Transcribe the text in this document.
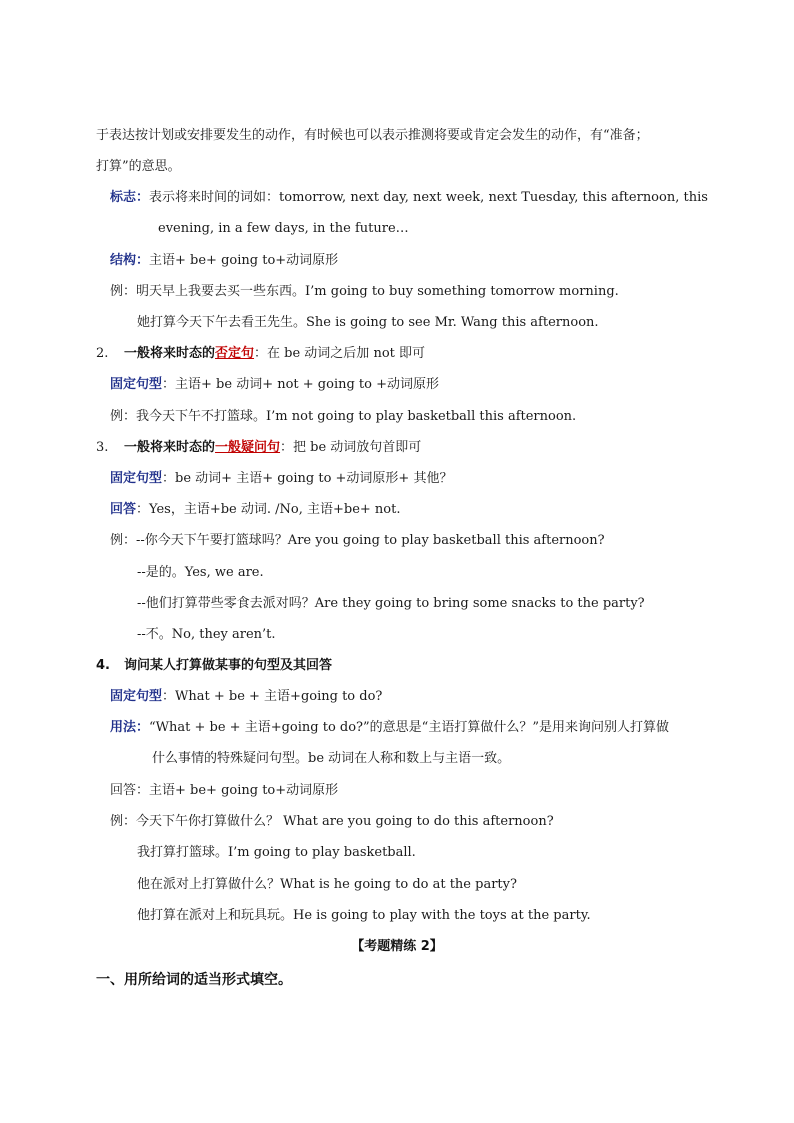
于表达按计划或安排要发生的动作，有时候也可以表示推测将要或肯定会发生的动作，有“准备；
打算”的意思。
标志：表示将来时间的词如：tomorrow, next day, next week, next Tuesday, this afternoon, this
evening, in a few days, in the future…
结构：主语+ be+ going to+动词原形
例：明天早上我要去买一些东西。I’m going to buy something tomorrow morning.
她打算今天下午去看王先生。She is going to see Mr. Wang this afternoon.
2. 一般将来时态的否定句：在 be 动词之后加 not 即可
固定句型：主语+ be 动词+ not + going to +动词原形
例：我今天下午不打篮球。I’m not going to play basketball this afternoon.
3. 一般将来时态的一般疑问句：把 be 动词放句首即可
固定句型：be 动词+ 主语+ going to +动词原形+ 其他？
回答：Yes，主语+be 动词. /No, 主语+be+ not.
例：--你今天下午要打篮球吗？Are you going to play basketball this afternoon?
--是的。Yes, we are.
--他们打算带些零食去派对吗？Are they going to bring some snacks to the party?
--不。No, they aren’t.
4. 询问某人打算做某事的句型及其回答
固定句型：What + be + 主语+going to do?
用法：“What + be + 主语+going to do?”的意思是“主语打算做什么？”是用来询问别人打算做
什么事情的特殊疑问句型。be 动词在人称和数上与主语一致。
回答：主语+ be+ going to+动词原形
例：今天下午你打算做什么？ What are you going to do this afternoon?
我打算打篮球。I’m going to play basketball.
他在派对上打算做什么？What is he going to do at the party?
他打算在派对上和玩具玩。He is going to play with the toys at the party.
【考题精练 2】
一、用所给词的适当形式填空。
